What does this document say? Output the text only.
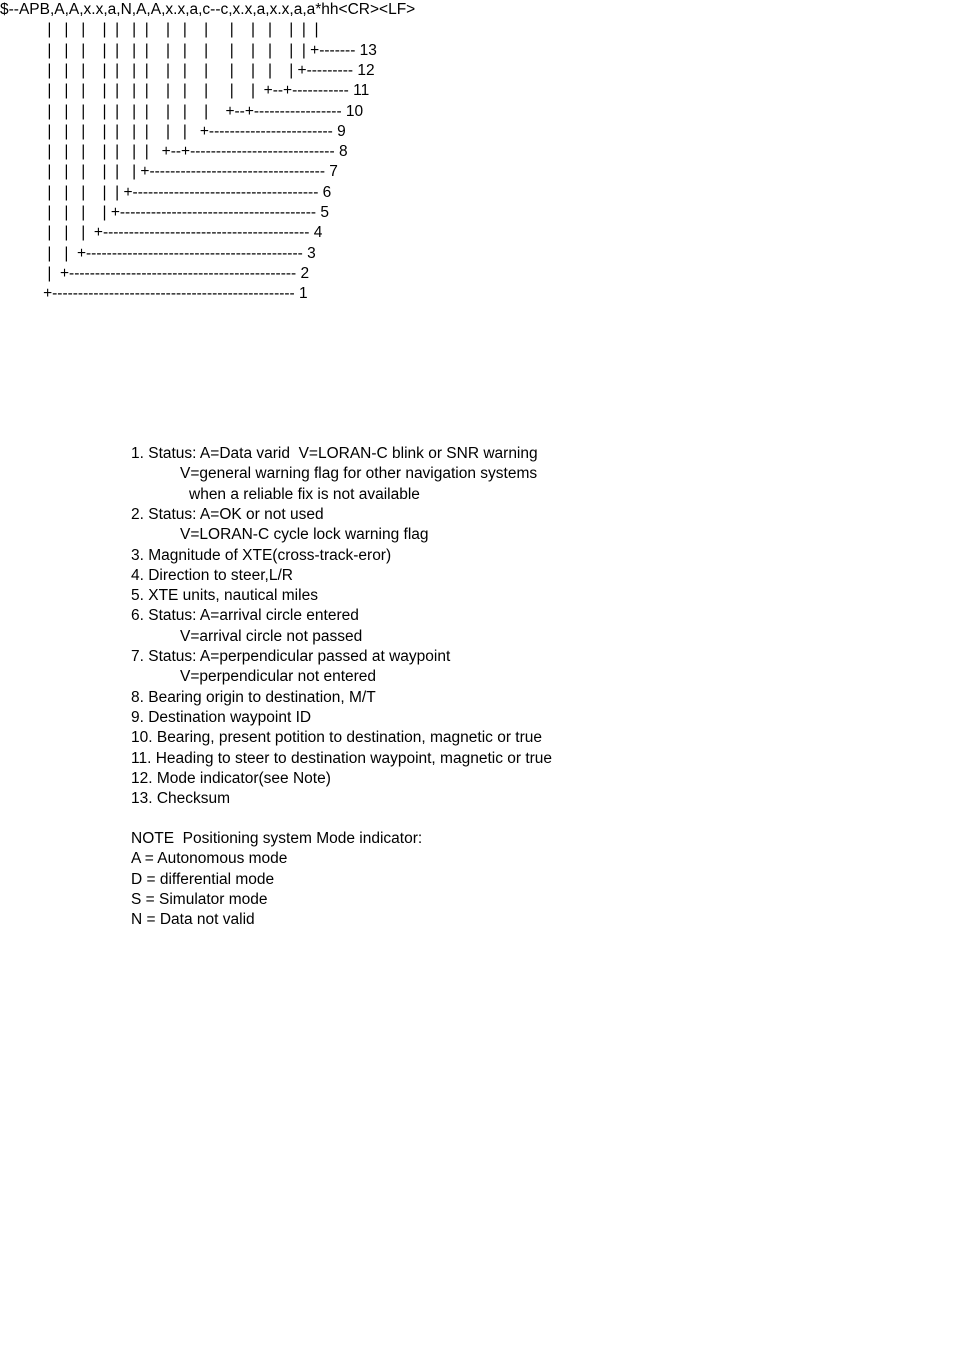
$--APB,A,A,x.x,a,N,A,A,x.x,a,c--c,x.x,a,x.x,a,a*hh<CR><LF>
|   |   |    |  |   |  |    |   |    |     |    |   |    |  |  |
|   |   |    |  |   |  |    |   |    |     |    |   |    |  | +------- 13
|   |   |    |  |   |  |    |   |    |     |    |   |    | +--------- 12
|   |   |    |  |   |  |    |   |    |     |    |  +--+----------- 11
|   |   |    |  |   |  |    |   |    |    +--+----------------- 10
|   |   |    |  |   |  |    |   |   +------------------------ 9
|   |   |    |  |   |  |   +--+---------------------------- 8
|   |   |    |  |   | +---------------------------------- 7
|   |   |    |  | +------------------------------------ 6
|   |   |    | +-------------------------------------- 5
|   |   |  +---------------------------------------- 4
|   |  +------------------------------------------ 3
|  +-------------------------------------------- 2
+----------------------------------------------- 1
1. Status: A=Data varid  V=LORAN-C blink or SNR warning
V=general warning flag for other navigation systems
when a reliable fix is not available
2. Status: A=OK or not used
V=LORAN-C cycle lock warning flag
3. Magnitude of XTE(cross-track-eror)
4. Direction to steer,L/R
5. XTE units, nautical miles
6. Status: A=arrival circle entered
V=arrival circle not passed
7. Status: A=perpendicular passed at waypoint
V=perpendicular not entered
8. Bearing origin to destination, M/T
9. Destination waypoint ID
10. Bearing, present potition to destination, magnetic or true
11. Heading to steer to destination waypoint, magnetic or true
12. Mode indicator(see Note)
13. Checksum
NOTE  Positioning system Mode indicator:
A = Autonomous mode
D = differential mode
S = Simulator mode
N = Data not valid
